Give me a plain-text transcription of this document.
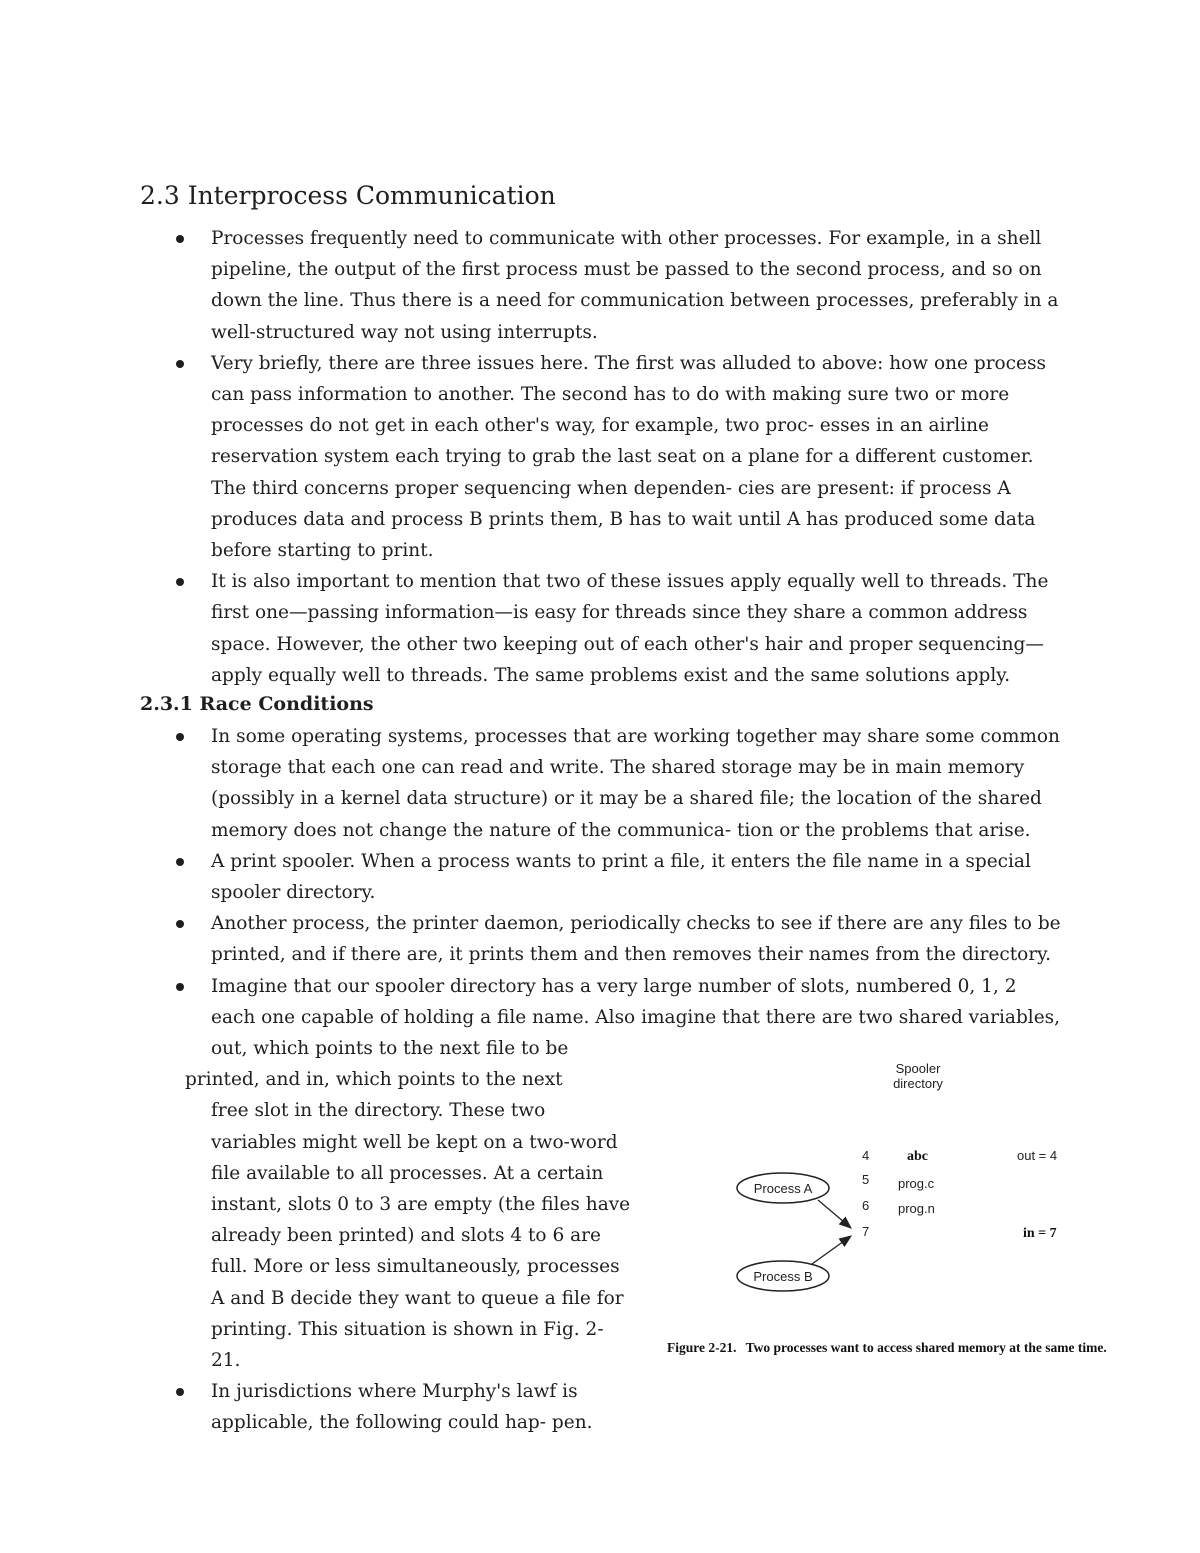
2.3 Interprocess Communication
Processes frequently need to communicate with other processes. For example, in a shell pipeline, the output of the first process must be passed to the second process, and so on down the line. Thus there is a need for communication between processes, preferably in a well-structured way not using interrupts.
Very briefly, there are three issues here. The first was alluded to above: how one process can pass information to another. The second has to do with making sure two or more processes do not get in each other's way, for example, two proc- esses in an airline reservation system each trying to grab the last seat on a plane for a different customer. The third concerns proper sequencing when dependen- cies are present: if process A produces data and process B prints them, B has to wait until A has produced some data before starting to print.
It is also important to mention that two of these issues apply equally well to threads. The first one—passing information—is easy for threads since they share a common address space. However, the other two keeping out of each other's hair and proper sequencing— apply equally well to threads. The same problems exist and the same solutions apply.
2.3.1 Race Conditions
In some operating systems, processes that are working together may share some common storage that each one can read and write. The shared storage may be in main memory (possibly in a kernel data structure) or it may be a shared file; the location of the shared memory does not change the nature of the communica- tion or the problems that arise.
A print spooler. When a process wants to print a file, it enters the file name in a special spooler directory.
Another process, the printer daemon, periodically checks to see if there are any files to be printed, and if there are, it prints them and then removes their names from the directory.
Imagine that our spooler directory has a very large number of slots, numbered 0, 1, 2
each one capable of holding a file name. Also imagine that there are two shared variables,
out, which points to the next file to be
printed, and in, which points to the next
free slot in the directory. These two
variables might well be kept on a two-word
file available to all processes. At a certain
instant, slots 0 to 3 are empty (the files have
already been printed) and slots 4 to 6 are
full. More or less simultaneously, processes
A and B decide they want to queue a file for
printing. This situation is shown in Fig. 2-
21.
In jurisdictions where Murphy's lawf is applicable, the following could hap- pen.
Spooler
directory
4	abc
5 prog.c
6 prog.n
7
out = 4
in = 7
Process A
Process B
Figure 2-21. Two processes want to access shared memory at the same time.
